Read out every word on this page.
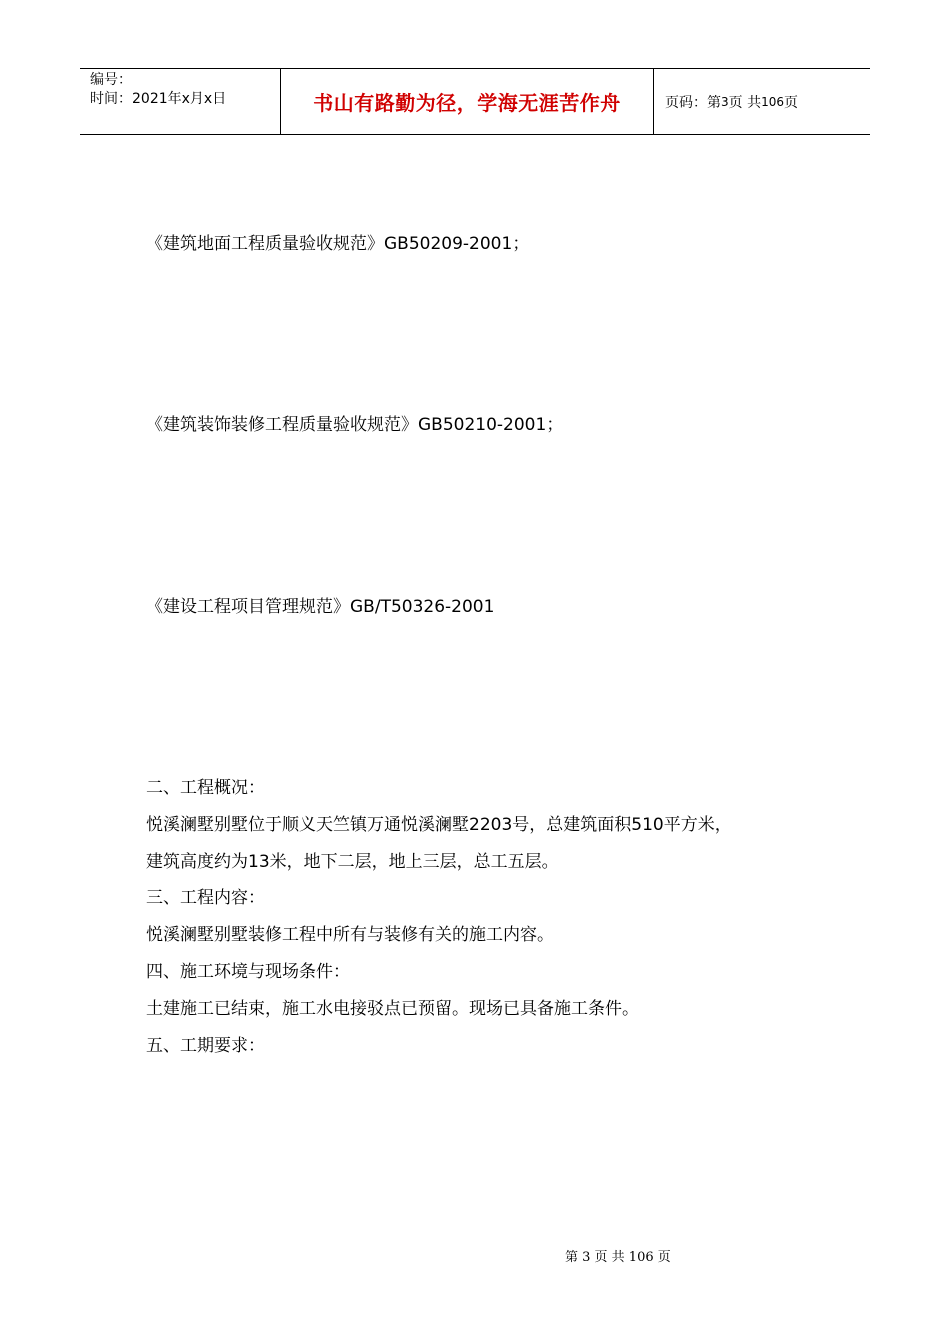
编号：
时间：2021年x月x日	书山有路勤为径，学海无涯苦作舟	页码：第 3 页 共 106 页
《建筑地面工程质量验收规范》GB50209-2001；
《建筑装饰装修工程质量验收规范》GB50210-2001；
《建设工程项目管理规范》GB/T50326-2001

二、工程概况：

悦溪澜墅别墅位于顺义天竺镇万通悦溪澜墅2203号，总建筑面积510平方米，

建筑高度约为13米，地下二层，地上三层，总工五层。

三、工程内容：

悦溪澜墅别墅装修工程中所有与装修有关的施工内容。

四、施工环境与现场条件：

土建施工已结束，施工水电接驳点已预留。现场已具备施工条件。

五、工期要求：

第 3 页 共 106 页
